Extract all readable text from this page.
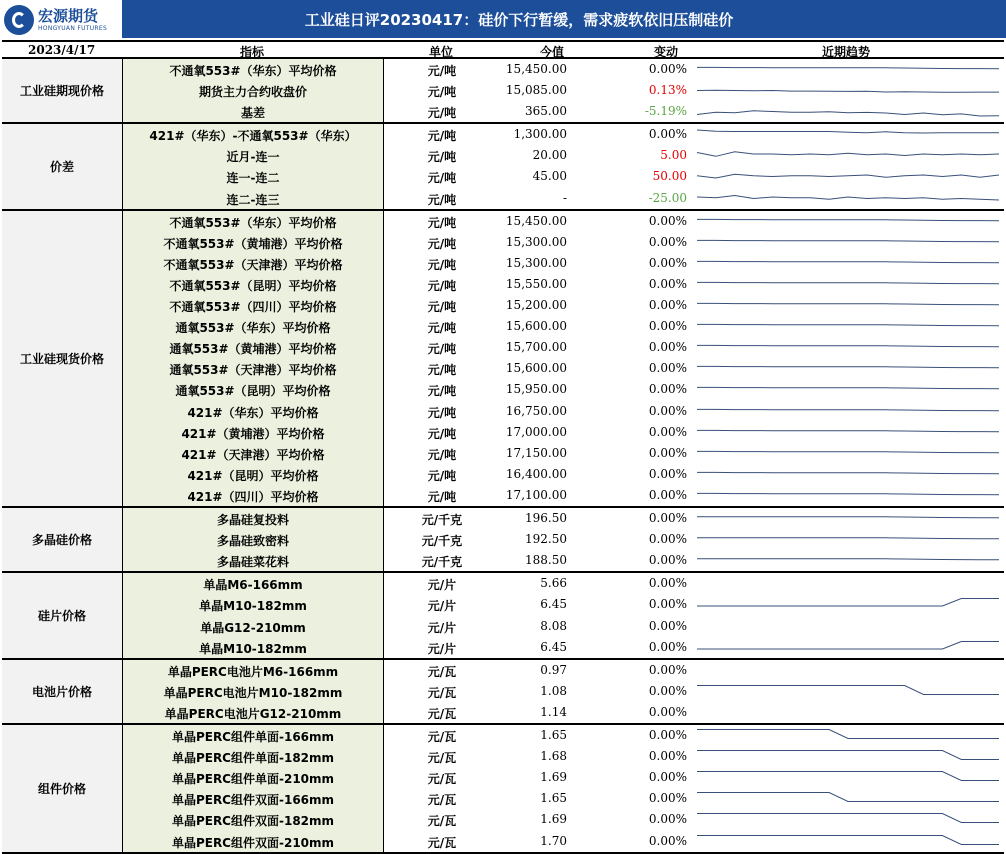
宏源期货
HONGYUAN FUTURES	工业硅日评20230417：硅价下行暂缓，需求疲软依旧压制硅价
2023/4/17	指标	单位	今值	变动	近期趋势
工业硅期现价格
不通氧553#（华东）平均价格	元/吨	15,450.00	0.00%
期货主力合约收盘价	元/吨	15,085.00	0.13%
基差	元/吨	365.00	-5.19%
价差
421#（华东）-不通氧553#（华东）	元/吨	1,300.00	0.00%
近月-连一	元/吨	20.00	5.00
连一-连二	元/吨	45.00	50.00
连二-连三	元/吨	-	-25.00
工业硅现货价格
不通氧553#（华东）平均价格	元/吨	15,450.00	0.00%
不通氧553#（黄埔港）平均价格	元/吨	15,300.00	0.00%
不通氧553#（天津港）平均价格	元/吨	15,300.00	0.00%
不通氧553#（昆明）平均价格	元/吨	15,550.00	0.00%
不通氧553#（四川）平均价格	元/吨	15,200.00	0.00%
通氧553#（华东）平均价格	元/吨	15,600.00	0.00%
通氧553#（黄埔港）平均价格	元/吨	15,700.00	0.00%
通氧553#（天津港）平均价格	元/吨	15,600.00	0.00%
通氧553#（昆明）平均价格	元/吨	15,950.00	0.00%
421#（华东）平均价格	元/吨	16,750.00	0.00%
421#（黄埔港）平均价格	元/吨	17,000.00	0.00%
421#（天津港）平均价格	元/吨	17,150.00	0.00%
421#（昆明）平均价格	元/吨	16,400.00	0.00%
421#（四川）平均价格	元/吨	17,100.00	0.00%
多晶硅价格
多晶硅复投料	元/千克	196.50	0.00%
多晶硅致密料	元/千克	192.50	0.00%
多晶硅菜花料	元/千克	188.50	0.00%
硅片价格
单晶M6-166mm	元/片	5.66	0.00%
单晶M10-182mm	元/片	6.45	0.00%
单晶G12-210mm	元/片	8.08	0.00%
单晶M10-182mm	元/片	6.45	0.00%
电池片价格
单晶PERC电池片M6-166mm	元/瓦	0.97	0.00%
单晶PERC电池片M10-182mm	元/瓦	1.08	0.00%
单晶PERC电池片G12-210mm	元/瓦	1.14	0.00%
组件价格
单晶PERC组件单面-166mm	元/瓦	1.65	0.00%
单晶PERC组件单面-182mm	元/瓦	1.68	0.00%
单晶PERC组件单面-210mm	元/瓦	1.69	0.00%
单晶PERC组件双面-166mm	元/瓦	1.65	0.00%
单晶PERC组件双面-182mm	元/瓦	1.69	0.00%
单晶PERC组件双面-210mm	元/瓦	1.70	0.00%
